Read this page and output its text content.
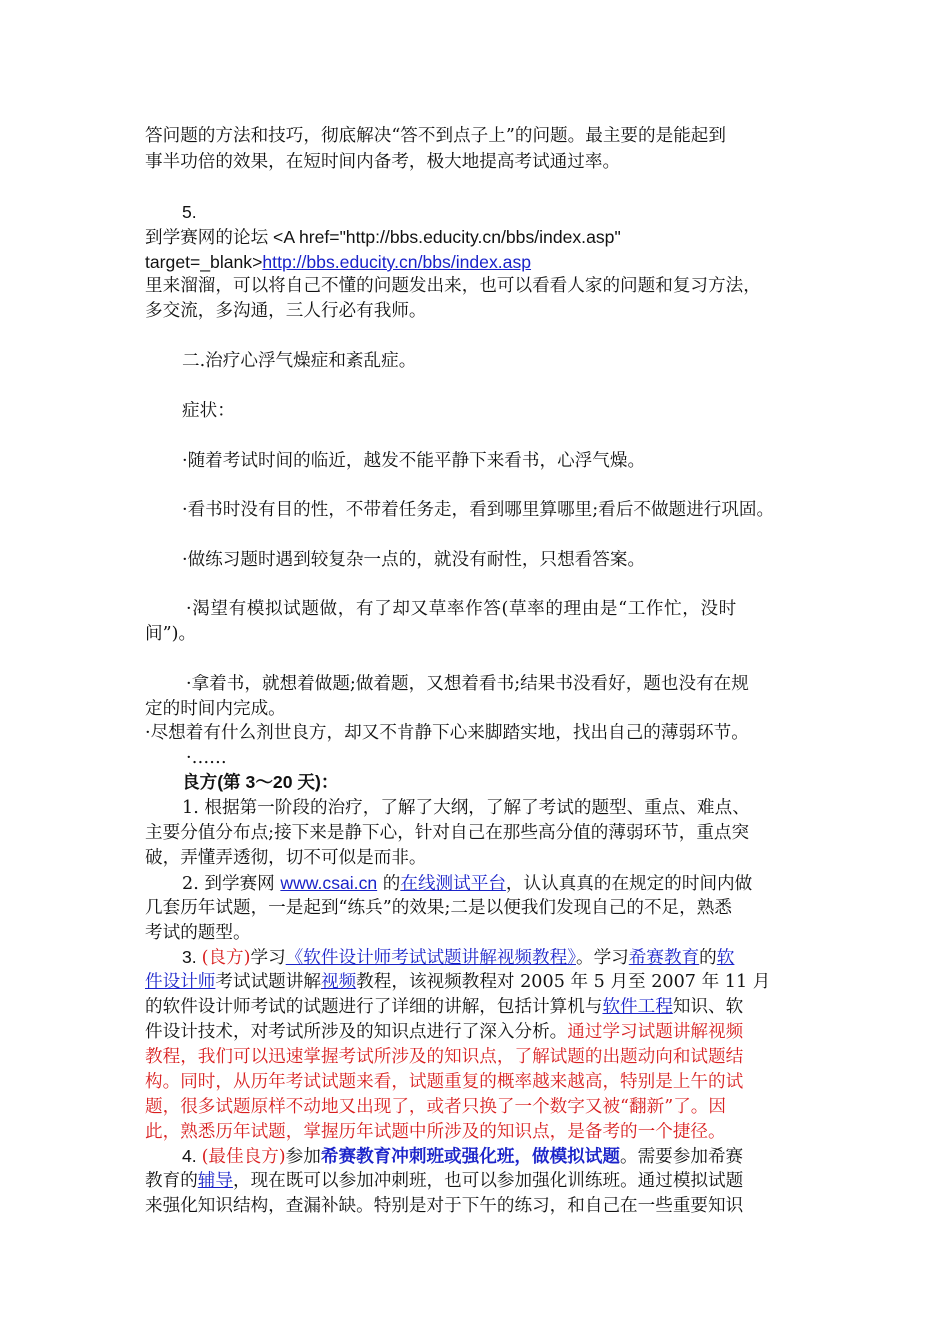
答问题的方法和技巧，彻底解决“答不到点子上”的问题。最主要的是能起到
事半功倍的效果，在短时间内备考，极大地提高考试通过率。
5.
到学赛网的论坛 <A href="http://bbs.educity.cn/bbs/index.asp"
target=_blank>http://bbs.educity.cn/bbs/index.asp
里来溜溜，可以将自己不懂的问题发出来，也可以看看人家的问题和复习方法，
多交流，多沟通，三人行必有我师。
二.治疗心浮气燥症和紊乱症。
症状：
·随着考试时间的临近，越发不能平静下来看书，心浮气燥。
·看书时没有目的性，不带着任务走，看到哪里算哪里;看后不做题进行巩固。
·做练习题时遇到较复杂一点的，就没有耐性，只想看答案。
·渴望有模拟试题做，有了却又草率作答(草率的理由是“工作忙，没时
间”)。
·拿着书，就想着做题;做着题，又想着看书;结果书没看好，题也没有在规
定的时间内完成。
·尽想着有什么剂世良方，却又不肯静下心来脚踏实地，找出自己的薄弱环节。
·……
良方(第 3～20 天)：
1. 根据第一阶段的治疗，了解了大纲，了解了考试的题型、重点、难点、
主要分值分布点;接下来是静下心，针对自己在那些高分值的薄弱环节，重点突
破，弄懂弄透彻，切不可似是而非。
2. 到学赛网 www.csai.cn 的在线测试平台，认认真真的在规定的时间内做
几套历年试题，一是起到“练兵”的效果;二是以便我们发现自己的不足，熟悉
考试的题型。
3. (良方)学习《软件设计师考试试题讲解视频教程》。学习希赛教育的软
件设计师考试试题讲解视频教程，该视频教程对 2005 年 5 月至 2007 年 11 月
的软件设计师考试的试题进行了详细的讲解，包括计算机与软件工程知识、软
件设计技术，对考试所涉及的知识点进行了深入分析。通过学习试题讲解视频
教程，我们可以迅速掌握考试所涉及的知识点，了解试题的出题动向和试题结
构。同时，从历年考试试题来看，试题重复的概率越来越高，特别是上午的试
题，很多试题原样不动地又出现了，或者只换了一个数字又被“翻新”了。因
此，熟悉历年试题，掌握历年试题中所涉及的知识点，是备考的一个捷径。
4. (最佳良方)参加希赛教育冲刺班或强化班，做模拟试题。需要参加希赛
教育的辅导，现在既可以参加冲刺班，也可以参加强化训练班。通过模拟试题
来强化知识结构，查漏补缺。特别是对于下午的练习，和自己在一些重要知识
